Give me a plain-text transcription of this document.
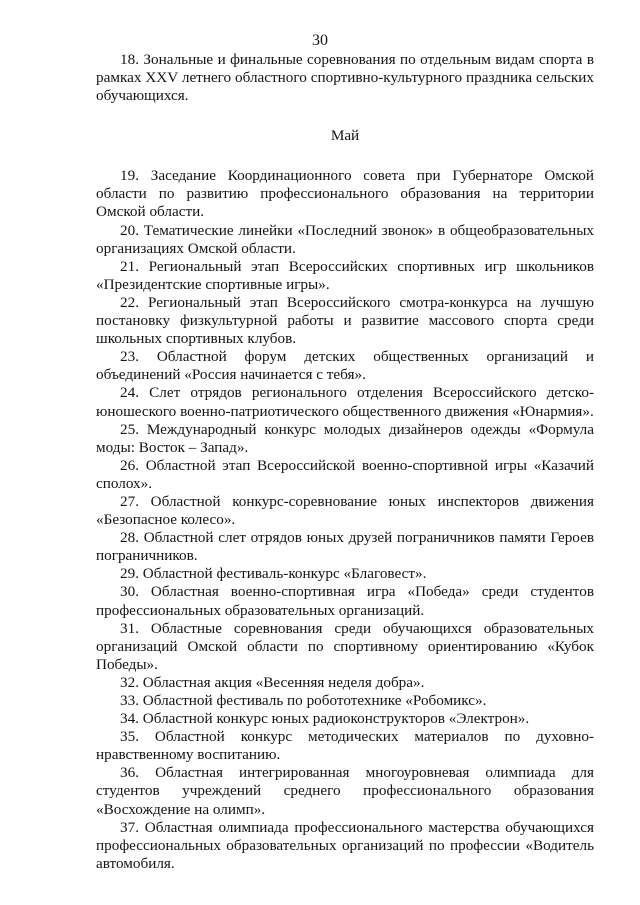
30

18. Зональные и финальные соревнования по отдельным видам спорта в рамках XXV летнего областного спортивно-культурного праздника сельских обучающихся.

Май

19. Заседание Координационного совета при Губернаторе Омской области по развитию профессионального образования на территории Омской области.

20. Тематические линейки «Последний звонок» в общеобразовательных организациях Омской области.

21. Региональный этап Всероссийских спортивных игр школьников «Президентские спортивные игры».

22. Региональный этап Всероссийского смотра-конкурса на лучшую постановку физкультурной работы и развитие массового спорта среди школьных спортивных клубов.

23. Областной форум детских общественных организаций и объединений «Россия начинается с тебя».

24. Слет отрядов регионального отделения Всероссийского детско-юношеского военно-патриотического общественного движения «Юнармия».

25. Международный конкурс молодых дизайнеров одежды «Формула моды: Восток – Запад».

26. Областной этап Всероссийской военно-спортивной игры «Казачий сполох».

27. Областной конкурс-соревнование юных инспекторов движения «Безопасное колесо».

28. Областной слет отрядов юных друзей пограничников памяти Героев пограничников.

29. Областной фестиваль-конкурс «Благовест».

30. Областная военно-спортивная игра «Победа» среди студентов профессиональных образовательных организаций.

31. Областные соревнования среди обучающихся образовательных организаций Омской области по спортивному ориентированию «Кубок Победы».

32. Областная акция «Весенняя неделя добра».

33. Областной фестиваль по робототехнике «Робомикс».

34. Областной конкурс юных радиоконструкторов «Электрон».

35. Областной конкурс методических материалов по духовно-нравственному воспитанию.

36. Областная интегрированная многоуровневая олимпиада для студентов учреждений среднего профессионального образования «Восхождение на олимп».

37. Областная олимпиада профессионального мастерства обучающихся профессиональных образовательных организаций по профессии «Водитель автомобиля.
